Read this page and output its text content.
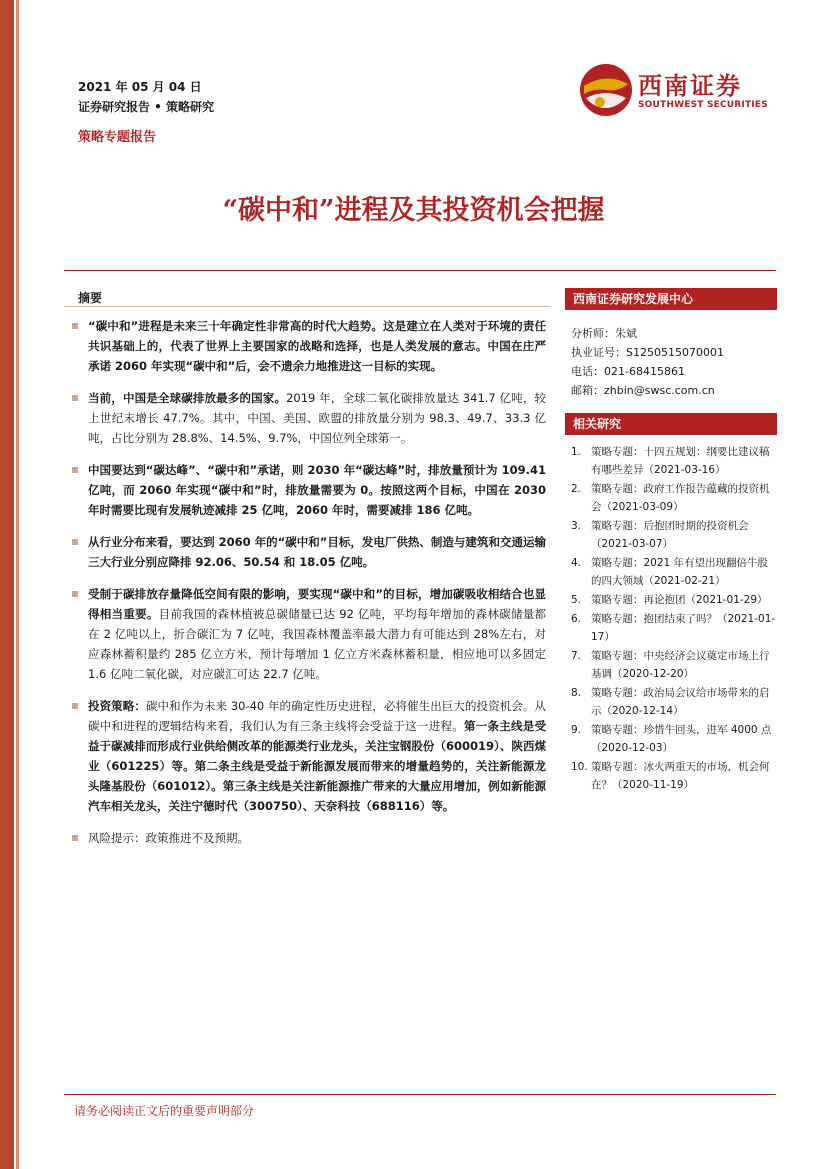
2021 年 05 月 04 日
证券研究报告 • 策略研究
策略专题报告
西南证券
SOUTHWEST SECURITIES
“碳中和”进程及其投资机会把握
摘要
“碳中和”进程是未来三十年确定性非常高的时代大趋势。这是建立在人类对于环境的责任共识基础上的，代表了世界上主要国家的战略和选择，也是人类发展的意志。中国在庄严承诺 2060 年实现“碳中和”后，会不遗余力地推进这一目标的实现。
当前，中国是全球碳排放最多的国家。2019 年，全球二氧化碳排放量达 341.7 亿吨，较上世纪末增长 47.7%。其中，中国、美国、欧盟的排放量分别为 98.3、49.7、33.3 亿吨，占比分别为 28.8%、14.5%、9.7%，中国位列全球第一。
中国要达到“碳达峰”、“碳中和”承诺，则 2030 年“碳达峰”时，排放量预计为 109.41 亿吨，而 2060 年实现“碳中和”时，排放量需要为 0。按照这两个目标，中国在 2030 年时需要比现有发展轨迹减排 25 亿吨，2060 年时，需要减排 186 亿吨。
从行业分布来看，要达到 2060 年的“碳中和”目标，发电厂供热、制造与建筑和交通运输三大行业分别应降排 92.06、50.54 和 18.05 亿吨。
受制于碳排放存量降低空间有限的影响，要实现“碳中和”的目标，增加碳吸收相结合也显得相当重要。目前我国的森林植被总碳储量已达 92 亿吨，平均每年增加的森林碳储量都在 2 亿吨以上，折合碳汇为 7 亿吨，我国森林覆盖率最大潜力有可能达到 28%左右，对应森林蓄积量约 285 亿立方米，预计每增加 1 亿立方米森林蓄积量，相应地可以多固定 1.6 亿吨二氧化碳，对应碳汇可达 22.7 亿吨。
投资策略：碳中和作为未来 30-40 年的确定性历史进程，必将催生出巨大的投资机会。从碳中和进程的逻辑结构来看，我们认为有三条主线将会受益于这一进程。第一条主线是受益于碳减排而形成行业供给侧改革的能源类行业龙头，关注宝钢股份（600019）、陕西煤业（601225）等。第二条主线是受益于新能源发展而带来的增量趋势的，关注新能源龙头隆基股份（601012）。第三条主线是关注新能源推广带来的大量应用增加，例如新能源汽车相关龙头，关注宁德时代（300750）、天奈科技（688116）等。
风险提示：政策推进不及预期。
西南证券研究发展中心
分析师：朱斌
执业证号：S1250515070001
电话：021-68415861
邮箱：zhbin@swsc.com.cn
相关研究
1. 策略专题：十四五规划：纲要比建议稿有哪些差异（2021-03-16）
2. 策略专题：政府工作报告蕴藏的投资机会（2021-03-09）
3. 策略专题：后抱团时期的投资机会（2021-03-07）
4. 策略专题：2021 年有望出现翻倍牛股的四大领域（2021-02-21）
5. 策略专题：再论抱团（2021-01-29）
6. 策略专题：抱团结束了吗？（2021-01-17）
7. 策略专题：中央经济会议奠定市场上行基调（2020-12-20）
8. 策略专题：政治局会议给市场带来的启示（2020-12-14）
9. 策略专题：珍惜牛回头，进军 4000 点（2020-12-03）
10. 策略专题：冰火两重天的市场，机会何在？（2020-11-19）
请务必阅读正文后的重要声明部分
